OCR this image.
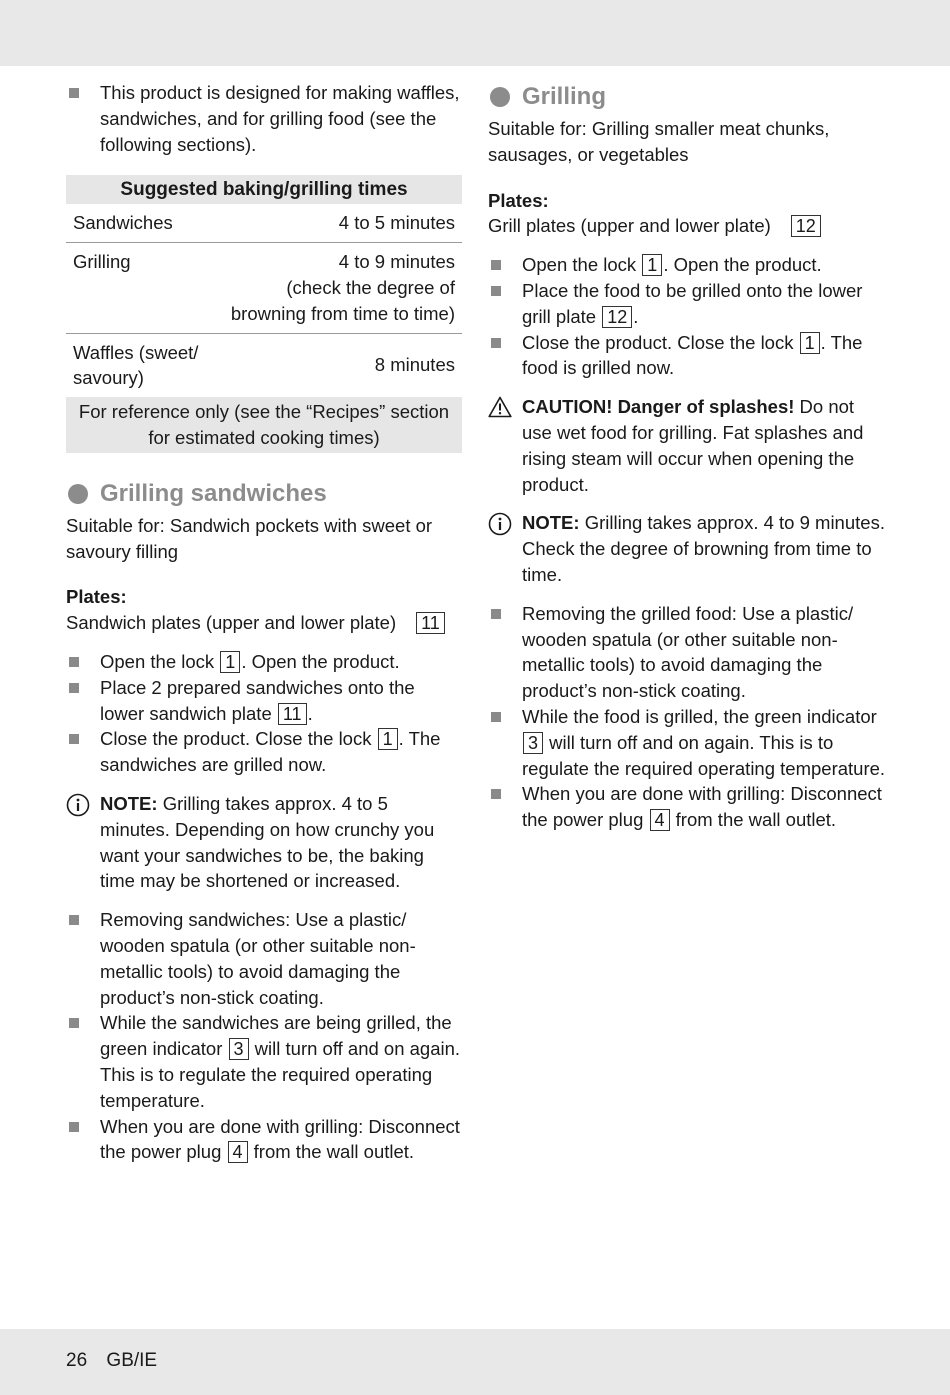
This product is designed for making waffles, sandwiches, and for grilling food (see the following sections).
Suggested baking/grilling times	
Sandwiches	4 to 5 minutes
Grilling	4 to 9 minutes
(check the degree of
browning from time to time)
Waffles (sweet/
savoury)	8 minutes
For reference only (see the “Recipes” section
for estimated cooking times)	
Grilling sandwiches

Suitable for: Sandwich pockets with sweet or savoury filling

Plates:

Sandwich plates (upper and lower plate) 11
Open the lock 1 . Open the product.
Place 2 prepared sandwiches onto the lower sandwich plate 11 .
Close the product. Close the lock 1 . The sandwiches are grilled now.
NOTE: Grilling takes approx. 4 to 5 minutes. Depending on how crunchy you want your sandwiches to be, the baking time may be shortened or increased.
Removing sandwiches: Use a plastic/ wooden spatula (or other suitable non-metallic tools) to avoid damaging the product’s non-stick coating.
While the sandwiches are being grilled, the green indicator 3 will turn off and on again. This is to regulate the required operating temperature.
When you are done with grilling: Disconnect the power plug 4 from the wall outlet.
Grilling

Suitable for: Grilling smaller meat chunks, sausages, or vegetables

Plates:

Grill plates (upper and lower plate) 12
Open the lock 1 . Open the product.
Place the food to be grilled onto the lower grill plate 12 .
Close the product. Close the lock 1 . The food is grilled now.
CAUTION! Danger of splashes! Do not use wet food for grilling. Fat splashes and rising steam will occur when opening the product.
NOTE: Grilling takes approx. 4 to 9 minutes. Check the degree of browning from time to time.
Removing the grilled food: Use a plastic/ wooden spatula (or other suitable non-metallic tools) to avoid damaging the product’s non-stick coating.
While the food is grilled, the green indicator 3 will turn off and on again. This is to regulate the required operating temperature.
When you are done with grilling: Disconnect the power plug 4 from the wall outlet.
26 GB/IE
